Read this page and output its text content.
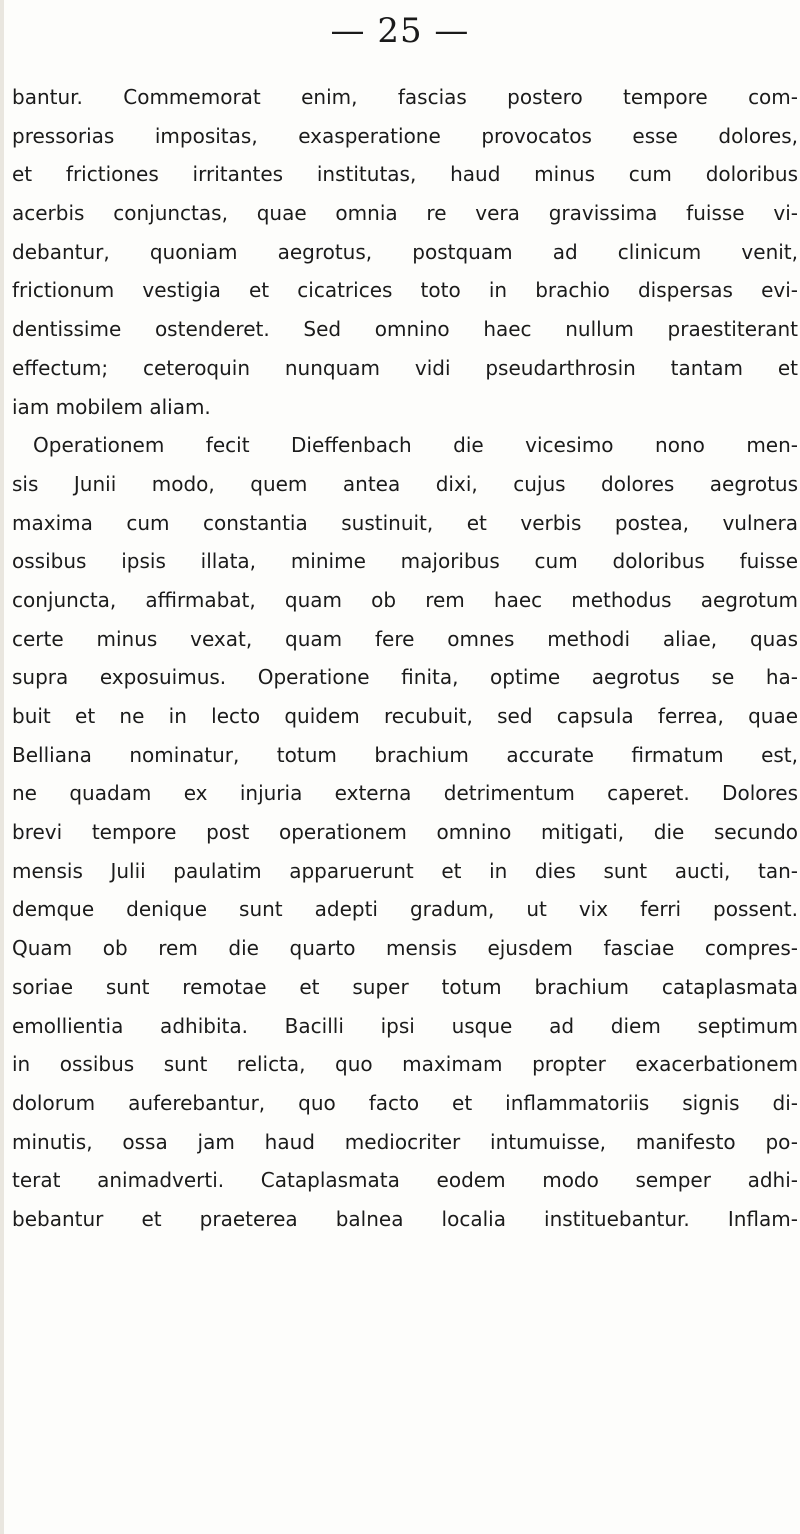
— 25 —
bantur. Commemorat enim, fascias postero tempore com-
pressorias impositas, exasperatione provocatos esse dolores,
et frictiones irritantes institutas, haud minus cum doloribus
acerbis conjunctas, quae omnia re vera gravissima fuisse vi-
debantur, quoniam aegrotus, postquam ad clinicum venit,
frictionum vestigia et cicatrices toto in brachio dispersas evi-
dentissime ostenderet. Sed omnino haec nullum praestiterant
effectum; ceteroquin nunquam vidi pseudarthrosin tantam et
iam mobilem aliam.
Operationem fecit Dieffenbach die vicesimo nono men-
sis Junii modo, quem antea dixi, cujus dolores aegrotus
maxima cum constantia sustinuit, et verbis postea, vulnera
ossibus ipsis illata, minime majoribus cum doloribus fuisse
conjuncta, affirmabat, quam ob rem haec methodus aegrotum
certe minus vexat, quam fere omnes methodi aliae, quas
supra exposuimus. Operatione finita, optime aegrotus se ha-
buit et ne in lecto quidem recubuit, sed capsula ferrea, quae
Belliana nominatur, totum brachium accurate firmatum est,
ne quadam ex injuria externa detrimentum caperet. Dolores
brevi tempore post operationem omnino mitigati, die secundo
mensis Julii paulatim apparuerunt et in dies sunt aucti, tan-
demque denique sunt adepti gradum, ut vix ferri possent.
Quam ob rem die quarto mensis ejusdem fasciae compres-
soriae sunt remotae et super totum brachium cataplasmata
emollientia adhibita. Bacilli ipsi usque ad diem septimum
in ossibus sunt relicta, quo maximam propter exacerbationem
dolorum auferebantur, quo facto et inflammatoriis signis di-
minutis, ossa jam haud mediocriter intumuisse, manifesto po-
terat animadverti. Cataplasmata eodem modo semper adhi-
bebantur et praeterea balnea localia instituebantur. Inflam-
